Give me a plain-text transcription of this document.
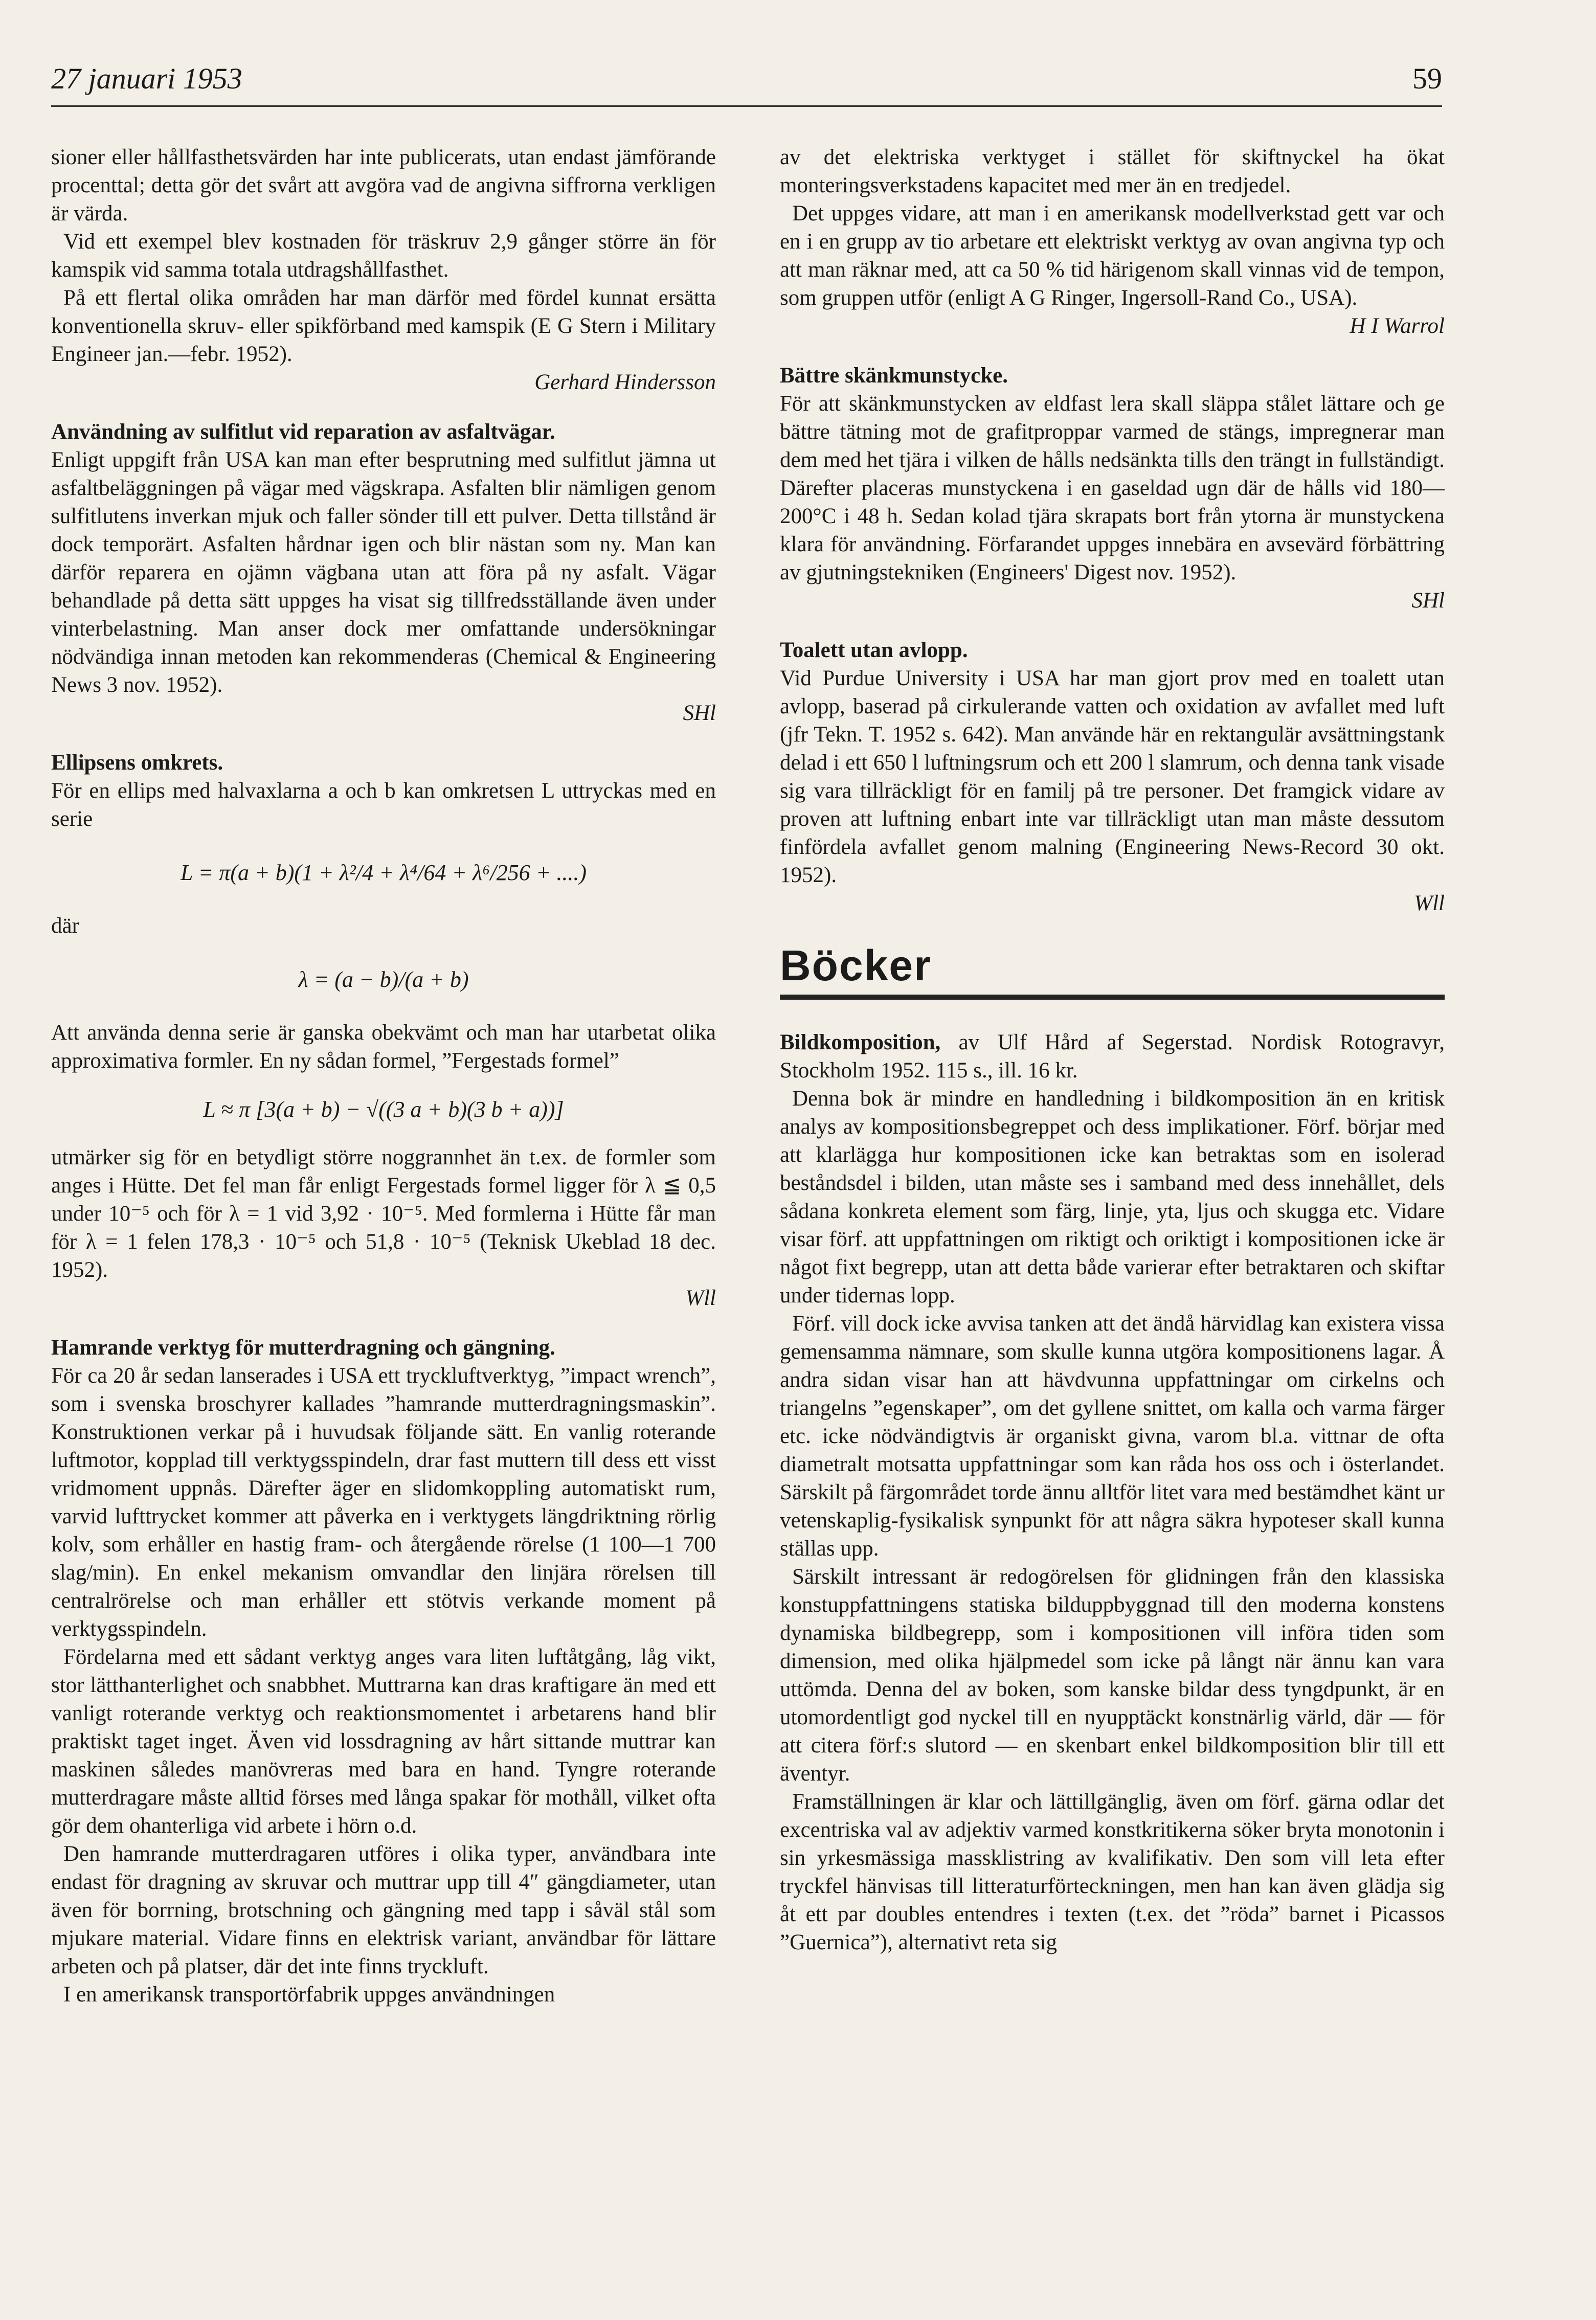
27 januari 1953	59

sioner eller hållfasthetsvärden har inte publicerats, utan endast jämförande procenttal; detta gör det svårt att avgöra vad de angivna siffrorna verkligen är värda.

Vid ett exempel blev kostnaden för träskruv 2,9 gånger större än för kamspik vid samma totala utdragshållfasthet.

På ett flertal olika områden har man därför med fördel kunnat ersätta konventionella skruv- eller spikförband med kamspik (E G Stern i Military Engineer jan.—febr. 1952).

Gerhard Hindersson

Användning av sulfitlut vid reparation av asfaltvägar.

Enligt uppgift från USA kan man efter besprutning med sulfitlut jämna ut asfaltbeläggningen på vägar med vägskrapa. Asfalten blir nämligen genom sulfitlutens inverkan mjuk och faller sönder till ett pulver. Detta tillstånd är dock temporärt. Asfalten hårdnar igen och blir nästan som ny. Man kan därför reparera en ojämn vägbana utan att föra på ny asfalt. Vägar behandlade på detta sätt uppges ha visat sig tillfredsställande även under vinterbelastning. Man anser dock mer omfattande undersökningar nödvändiga innan metoden kan rekommenderas (Chemical & Engineering News 3 nov. 1952).

SHl

Ellipsens omkrets.

För en ellips med halvaxlarna a och b kan omkretsen L uttryckas med en serie

L = π(a + b)(1 + λ²/4 + λ⁴/64 + λ⁶/256 + ....)

där

λ = (a − b)/(a + b)

Att använda denna serie är ganska obekvämt och man har utarbetat olika approximativa formler. En ny sådan formel, ”Fergestads formel”

L ≈ π [3(a + b) − √((3 a + b)(3 b + a))]

utmärker sig för en betydligt större noggrannhet än t.ex. de formler som anges i Hütte. Det fel man får enligt Fergestads formel ligger för λ ≦ 0,5 under 10⁻⁵ och för λ = 1 vid 3,92 · 10⁻⁵. Med formlerna i Hütte får man för λ = 1 felen 178,3 · 10⁻⁵ och 51,8 · 10⁻⁵ (Teknisk Ukeblad 18 dec. 1952).

Wll

Hamrande verktyg för mutterdragning och gängning.

För ca 20 år sedan lanserades i USA ett tryckluftverktyg, ”impact wrench”, som i svenska broschyrer kallades ”hamrande mutterdragningsmaskin”. Konstruktionen verkar på i huvudsak följande sätt. En vanlig roterande luftmotor, kopplad till verktygsspindeln, drar fast muttern till dess ett visst vridmoment uppnås. Därefter äger en slidomkoppling automatiskt rum, varvid lufttrycket kommer att påverka en i verktygets längdriktning rörlig kolv, som erhåller en hastig fram- och återgående rörelse (1 100—1 700 slag/min). En enkel mekanism omvandlar den linjära rörelsen till centralrörelse och man erhåller ett stötvis verkande moment på verktygsspindeln.

Fördelarna med ett sådant verktyg anges vara liten luftåtgång, låg vikt, stor lätthanterlighet och snabbhet. Muttrarna kan dras kraftigare än med ett vanligt roterande verktyg och reaktionsmomentet i arbetarens hand blir praktiskt taget inget. Även vid lossdragning av hårt sittande muttrar kan maskinen således manövreras med bara en hand. Tyngre roterande mutterdragare måste alltid förses med långa spakar för mothåll, vilket ofta gör dem ohanterliga vid arbete i hörn o.d.

Den hamrande mutterdragaren utföres i olika typer, användbara inte endast för dragning av skruvar och muttrar upp till 4″ gängdiameter, utan även för borrning, brotschning och gängning med tapp i såväl stål som mjukare material. Vidare finns en elektrisk variant, användbar för lättare arbeten och på platser, där det inte finns tryckluft.

I en amerikansk transportörfabrik uppges användningen

av det elektriska verktyget i stället för skiftnyckel ha ökat monteringsverkstadens kapacitet med mer än en tredjedel.

Det uppges vidare, att man i en amerikansk modellverkstad gett var och en i en grupp av tio arbetare ett elektriskt verktyg av ovan angivna typ och att man räknar med, att ca 50 % tid härigenom skall vinnas vid de tempon, som gruppen utför (enligt A G Ringer, Ingersoll-Rand Co., USA).

H I Warrol

Bättre skänkmunstycke.

För att skänkmunstycken av eldfast lera skall släppa stålet lättare och ge bättre tätning mot de grafitproppar varmed de stängs, impregnerar man dem med het tjära i vilken de hålls nedsänkta tills den trängt in fullständigt. Därefter placeras munstyckena i en gaseldad ugn där de hålls vid 180—200°C i 48 h. Sedan kolad tjära skrapats bort från ytorna är munstyckena klara för användning. Förfarandet uppges innebära en avsevärd förbättring av gjutningstekniken (Engineers' Digest nov. 1952).

SHl

Toalett utan avlopp.

Vid Purdue University i USA har man gjort prov med en toalett utan avlopp, baserad på cirkulerande vatten och oxidation av avfallet med luft (jfr Tekn. T. 1952 s. 642). Man använde här en rektangulär avsättningstank delad i ett 650 l luftningsrum och ett 200 l slamrum, och denna tank visade sig vara tillräckligt för en familj på tre personer. Det framgick vidare av proven att luftning enbart inte var tillräckligt utan man måste dessutom finfördela avfallet genom malning (Engineering News-Record 30 okt. 1952).

Wll
Böcker

Bildkomposition, av Ulf Hård af Segerstad. Nordisk Rotogravyr, Stockholm 1952. 115 s., ill. 16 kr.

Denna bok är mindre en handledning i bildkomposition än en kritisk analys av kompositionsbegreppet och dess implikationer. Förf. börjar med att klarlägga hur kompositionen icke kan betraktas som en isolerad beståndsdel i bilden, utan måste ses i samband med dess innehållet, dels sådana konkreta element som färg, linje, yta, ljus och skugga etc. Vidare visar förf. att uppfattningen om riktigt och oriktigt i kompositionen icke är något fixt begrepp, utan att detta både varierar efter betraktaren och skiftar under tidernas lopp.

Förf. vill dock icke avvisa tanken att det ändå härvidlag kan existera vissa gemensamma nämnare, som skulle kunna utgöra kompositionens lagar. Å andra sidan visar han att hävdvunna uppfattningar om cirkelns och triangelns ”egenskaper”, om det gyllene snittet, om kalla och varma färger etc. icke nödvändigtvis är organiskt givna, varom bl.a. vittnar de ofta diametralt motsatta uppfattningar som kan råda hos oss och i österlandet. Särskilt på färgområdet torde ännu alltför litet vara med bestämdhet känt ur vetenskaplig-fysikalisk synpunkt för att några säkra hypoteser skall kunna ställas upp.

Särskilt intressant är redogörelsen för glidningen från den klassiska konstuppfattningens statiska bilduppbyggnad till den moderna konstens dynamiska bildbegrepp, som i kompositionen vill införa tiden som dimension, med olika hjälpmedel som icke på långt när ännu kan vara uttömda. Denna del av boken, som kanske bildar dess tyngdpunkt, är en utomordentligt god nyckel till en nyupptäckt konstnärlig värld, där — för att citera förf:s slutord — en skenbart enkel bildkomposition blir till ett äventyr.

Framställningen är klar och lättillgänglig, även om förf. gärna odlar det excentriska val av adjektiv varmed konstkritikerna söker bryta monotonin i sin yrkesmässiga massklistring av kvalifikativ. Den som vill leta efter tryckfel hänvisas till litteraturförteckningen, men han kan även glädja sig åt ett par doubles entendres i texten (t.ex. det ”röda” barnet i Picassos ”Guernica”), alternativt reta sig
